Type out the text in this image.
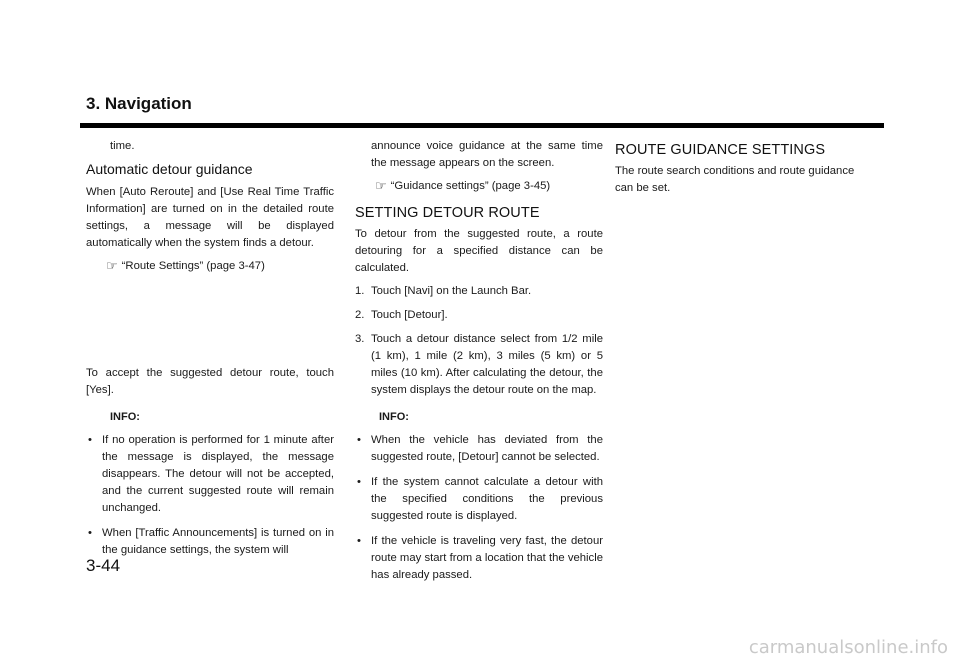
3. Navigation

time.

Automatic detour guidance

When [Auto Reroute] and [Use Real Time Traffic Information] are turned on in the detailed route settings, a message will be displayed automatically when the system finds a detour.

☞ “Route Settings” (page 3-47)

To accept the suggested detour route, touch [Yes].

INFO:
• If no operation is performed for 1 minute after the message is displayed, the message disappears. The detour will not be accepted, and the current suggested route will remain unchanged.
• When [Traffic Announcements] is turned on in the guidance settings, the system will

announce voice guidance at the same time the message appears on the screen.

☞ “Guidance settings” (page 3-45)
SETTING DETOUR ROUTE

To detour from the suggested route, a route detouring for a specified distance can be calculated.

1. Touch [Navi] on the Launch Bar.
2. Touch [Detour].
3. Touch a detour distance select from 1/2 mile (1 km), 1 mile (2 km), 3 miles (5 km) or 5 miles (10 km). After calculating the detour, the system displays the detour route on the map.
INFO:
• When the vehicle has deviated from the suggested route, [Detour] cannot be selected.
• If the system cannot calculate a detour with the specified conditions the previous suggested route is displayed.
• If the vehicle is traveling very fast, the detour route may start from a location that the vehicle has already passed.
ROUTE GUIDANCE SETTINGS

The route search conditions and route guidance can be set.

3-44
carmanualsonline.info
